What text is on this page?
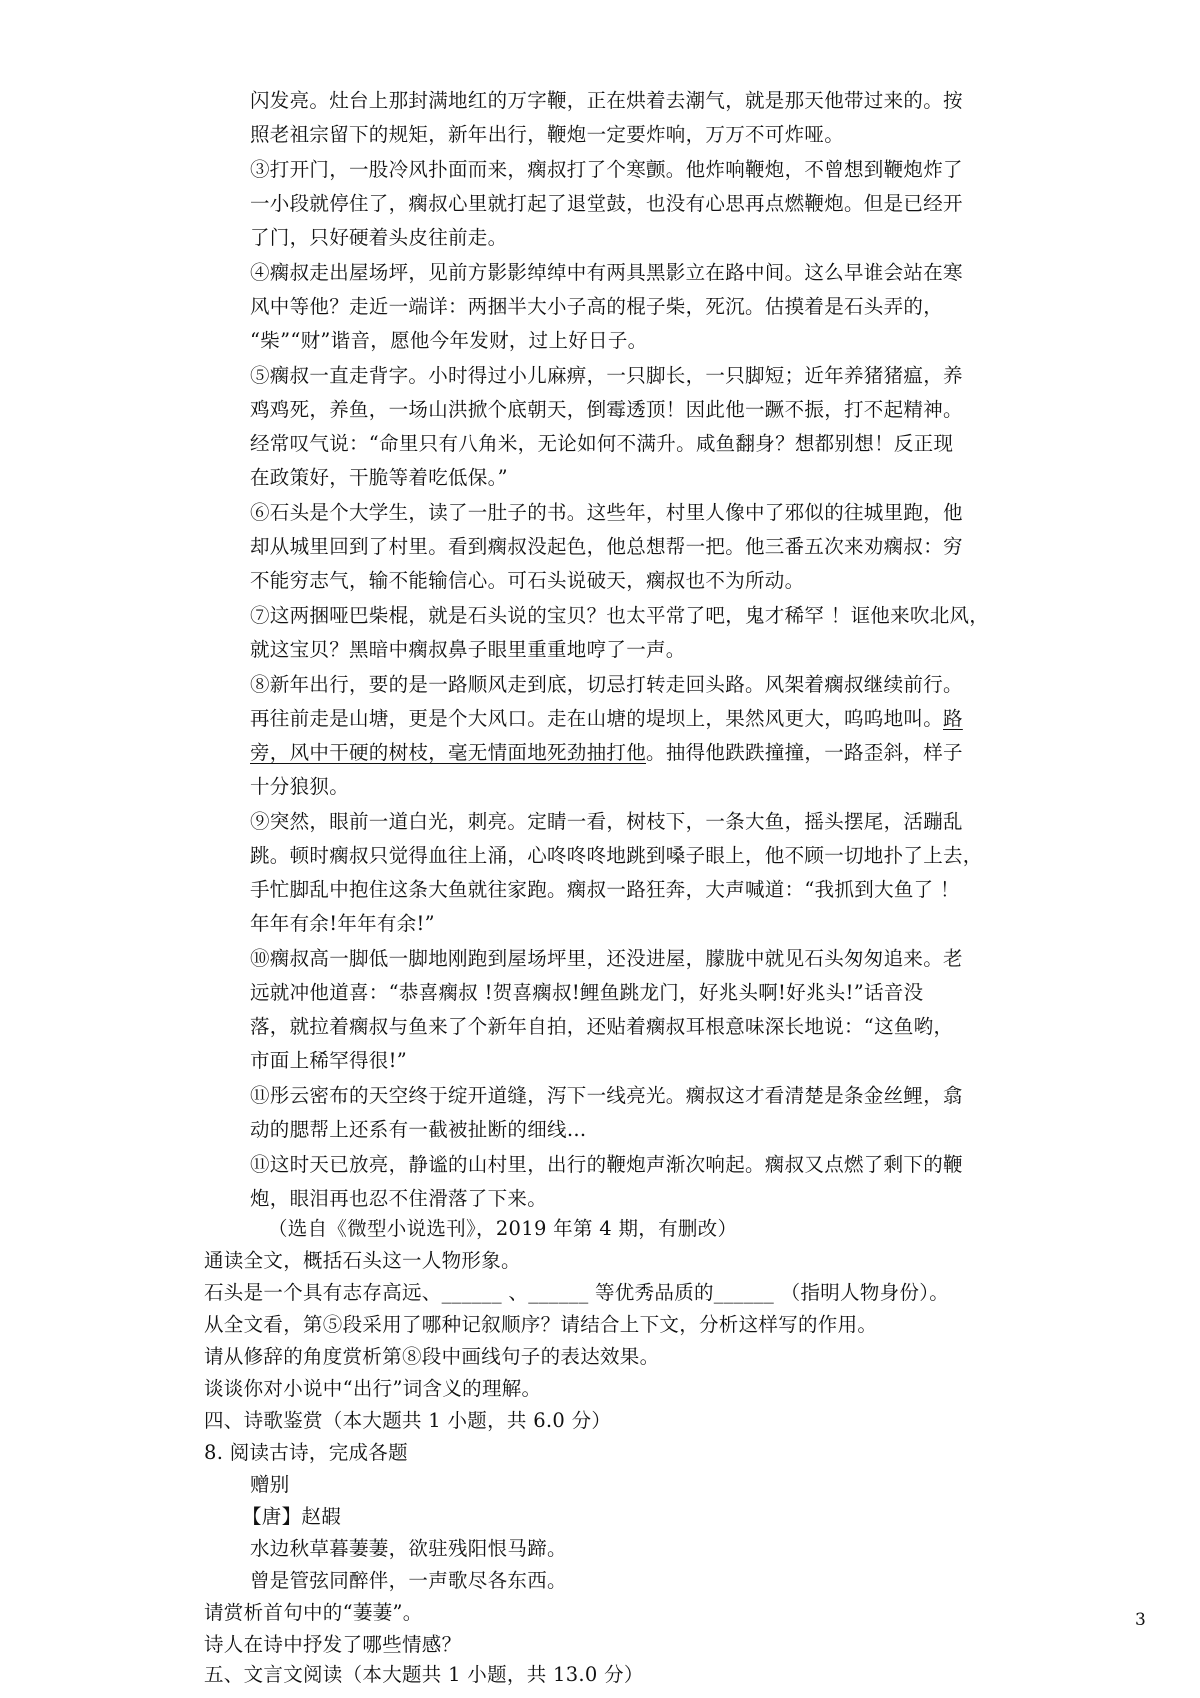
闪发亮。灶台上那封满地红的万字鞭，正在烘着去潮气，就是那天他带过来的。按
照老祖宗留下的规矩，新年出行，鞭炮一定要炸响，万万不可炸哑。
③打开门，一股冷风扑面而来，瘸叔打了个寒颤。他炸响鞭炮，不曾想到鞭炮炸了
一小段就停住了，瘸叔心里就打起了退堂鼓，也没有心思再点燃鞭炮。但是已经开
了门，只好硬着头皮往前走。
④瘸叔走出屋场坪，见前方影影绰绰中有两具黑影立在路中间。这么早谁会站在寒
风中等他？走近一端详：两捆半大小子高的棍子柴，死沉。估摸着是石头弄的，
“柴”“财”谐音，愿他今年发财，过上好日子。
⑤瘸叔一直走背字。小时得过小儿麻痹，一只脚长，一只脚短；近年养猪猪瘟，养
鸡鸡死，养鱼，一场山洪掀个底朝天，倒霉透顶！因此他一蹶不振，打不起精神。
经常叹气说：“命里只有八角米，无论如何不满升。咸鱼翻身？想都别想！反正现
在政策好，干脆等着吃低保。”
⑥石头是个大学生，读了一肚子的书。这些年，村里人像中了邪似的往城里跑，他
却从城里回到了村里。看到瘸叔没起色，他总想帮一把。他三番五次来劝瘸叔：穷
不能穷志气，输不能输信心。可石头说破天，瘸叔也不为所动。
⑦这两捆哑巴柴棍，就是石头说的宝贝？也太平常了吧，鬼才稀罕 ！诓他来吹北风，
就这宝贝？黑暗中瘸叔鼻子眼里重重地哼了一声。
⑧新年出行，要的是一路顺风走到底，切忌打转走回头路。风架着瘸叔继续前行。
再往前走是山塘，更是个大风口。走在山塘的堤坝上，果然风更大，呜呜地叫。路
旁，风中干硬的树枝，毫无情面地死劲抽打他。抽得他跌跌撞撞，一路歪斜，样子
十分狼狈。
⑨突然，眼前一道白光，刺亮。定睛一看，树枝下，一条大鱼，摇头摆尾，活蹦乱
跳。顿时瘸叔只觉得血往上涌，心咚咚咚地跳到嗓子眼上，他不顾一切地扑了上去，
手忙脚乱中抱住这条大鱼就往家跑。瘸叔一路狂奔，大声喊道：“我抓到大鱼了 ！
年年有余!年年有余!”
⑩瘸叔高一脚低一脚地刚跑到屋场坪里，还没进屋，朦胧中就见石头匆匆追来。老
远就冲他道喜：“恭喜瘸叔 !贺喜瘸叔!鲤鱼跳龙门，好兆头啊!好兆头!”话音没
落，就拉着瘸叔与鱼来了个新年自拍，还贴着瘸叔耳根意味深长地说：“这鱼哟，
市面上稀罕得很!”
⑪彤云密布的天空终于绽开道缝，泻下一线亮光。瘸叔这才看清楚是条金丝鲤，翕
动的腮帮上还系有一截被扯断的细线…
⑪这时天已放亮，静谧的山村里，出行的鞭炮声渐次响起。瘸叔又点燃了剩下的鞭
炮，眼泪再也忍不住滑落了下来。
（选自《微型小说选刊》，2019 年第 4 期，有删改）
通读全文，概括石头这一人物形象。
石头是一个具有志存高远、______ 、______ 等优秀品质的______ （指明人物身份）。
从全文看，第⑤段采用了哪种记叙顺序？请结合上下文，分析这样写的作用。
请从修辞的角度赏析第⑧段中画线句子的表达效果。
谈谈你对小说中“出行”词含义的理解。
四、诗歌鉴赏（本大题共 1 小题，共 6.0 分）
8. 阅读古诗，完成各题
赠别
【唐】赵嘏
水边秋草暮萋萋，欲驻残阳恨马蹄。
曾是管弦同醉伴，一声歌尽各东西。
请赏析首句中的“萋萋”。
诗人在诗中抒发了哪些情感？
3
五、文言文阅读（本大题共 1 小题，共 13.0 分）
